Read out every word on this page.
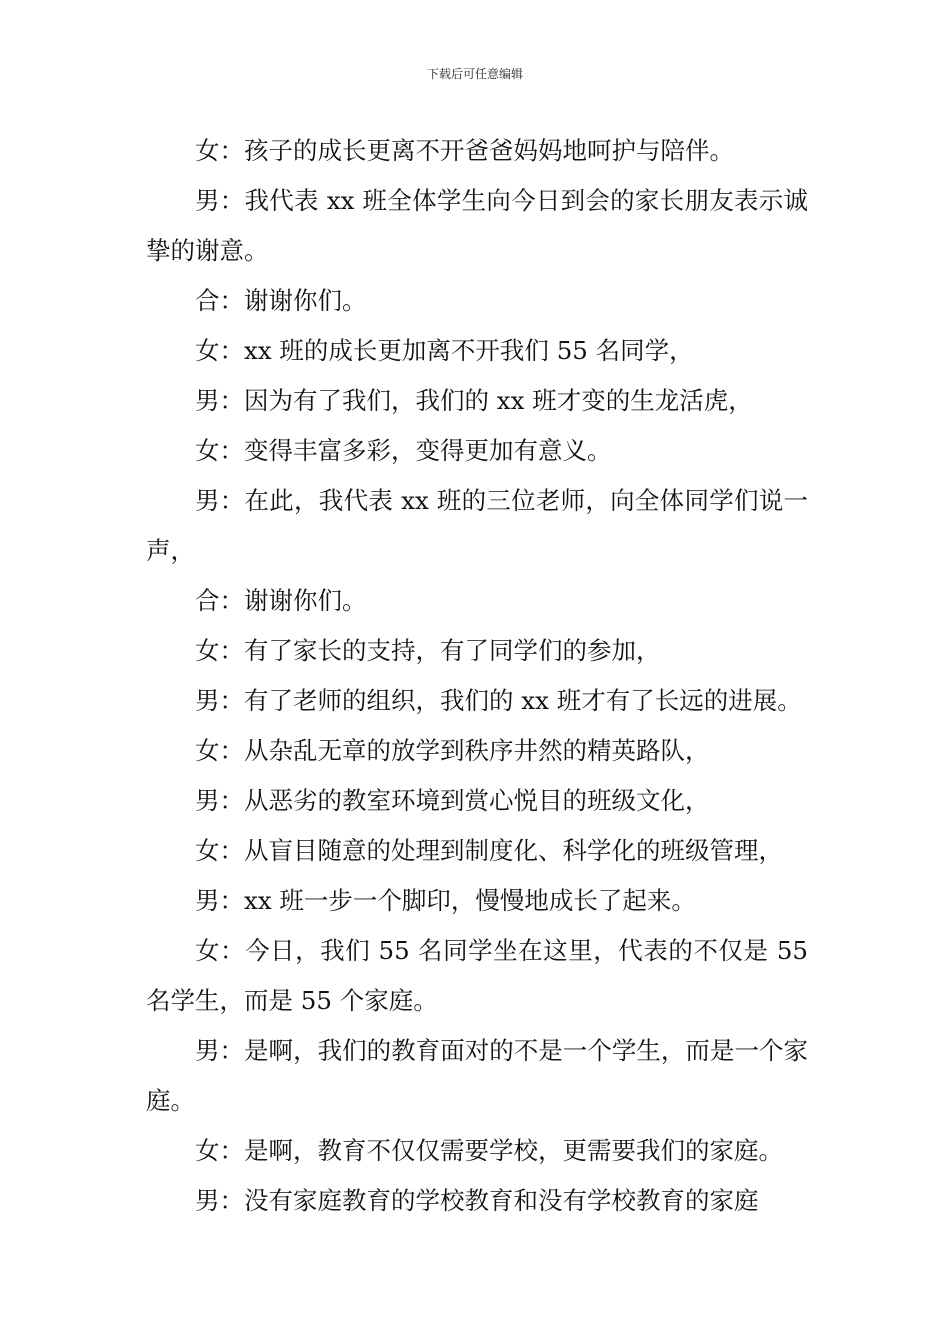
下载后可任意编辑

女：孩子的成长更离不开爸爸妈妈地呵护与陪伴。

男：我代表 xx 班全体学生向今日到会的家长朋友表示诚挚的谢意。

合：谢谢你们。

女：xx 班的成长更加离不开我们 55 名同学，

男：因为有了我们，我们的 xx 班才变的生龙活虎，

女：变得丰富多彩，变得更加有意义。

男：在此，我代表 xx 班的三位老师，向全体同学们说一声，

合：谢谢你们。

女：有了家长的支持，有了同学们的参加，

男：有了老师的组织，我们的 xx 班才有了长远的进展。

女：从杂乱无章的放学到秩序井然的精英路队，

男：从恶劣的教室环境到赏心悦目的班级文化，

女：从盲目随意的处理到制度化、科学化的班级管理，

男：xx 班一步一个脚印，慢慢地成长了起来。

女：今日，我们 55 名同学坐在这里，代表的不仅是 55 名学生，而是 55 个家庭。

男：是啊，我们的教育面对的不是一个学生，而是一个家庭。

女：是啊，教育不仅仅需要学校，更需要我们的家庭。

男：没有家庭教育的学校教育和没有学校教育的家庭
